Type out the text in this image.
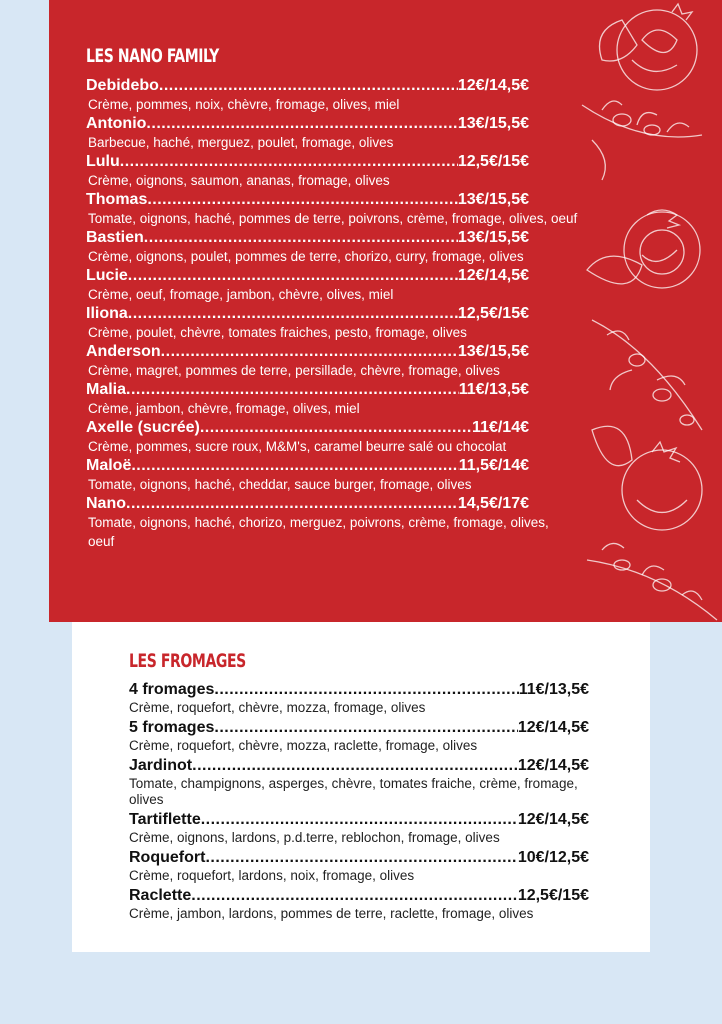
LES NANO FAMILY
Debidebo .....	12€/14,5€
Crème, pommes, noix, chèvre, fromage, olives, miel
Antonio .....	13€/15,5€
Barbecue, haché, merguez, poulet, fromage, olives
Lulu .....	12,5€/15€
Crème, oignons, saumon, ananas, fromage, olives
Thomas .....	13€/15,5€
Tomate, oignons, haché, pommes de terre, poivrons, crème, fromage, olives, oeuf
Bastien .....	13€/15,5€
Crème, oignons, poulet, pommes de terre, chorizo, curry, fromage, olives
Lucie .....	12€/14,5€
Crème, oeuf, fromage, jambon, chèvre, olives, miel
Iliona .....	12,5€/15€
Crème, poulet, chèvre, tomates fraiches, pesto, fromage, olives
Anderson .....	13€/15,5€
Crème, magret, pommes de terre, persillade, chèvre, fromage, olives
Malia .....	11€/13,5€
Crème, jambon, chèvre, fromage, olives, miel
Axelle (sucrée) .....	11€/14€
Crème, pommes, sucre roux, M&M's, caramel beurre salé ou chocolat
Maloë .....	11,5€/14€
Tomate, oignons, haché, cheddar, sauce burger, fromage, olives
Nano .....	14,5€/17€
Tomate, oignons, haché, chorizo, merguez, poivrons, crème, fromage, olives, oeuf
LES FROMAGES
4 fromages .....	11€/13,5€
Crème, roquefort, chèvre, mozza, fromage, olives
5 fromages .....	12€/14,5€
Crème, roquefort, chèvre, mozza, raclette, fromage, olives
Jardinot .....	12€/14,5€
Tomate, champignons, asperges, chèvre, tomates fraiche, crème, fromage, olives
Tartiflette .....	12€/14,5€
Crème, oignons, lardons, p.d.terre, reblochon, fromage, olives
Roquefort .....	10€/12,5€
Crème, roquefort, lardons, noix, fromage, olives
Raclette .....	12,5€/15€
Crème, jambon, lardons, pommes de terre, raclette, fromage, olives
